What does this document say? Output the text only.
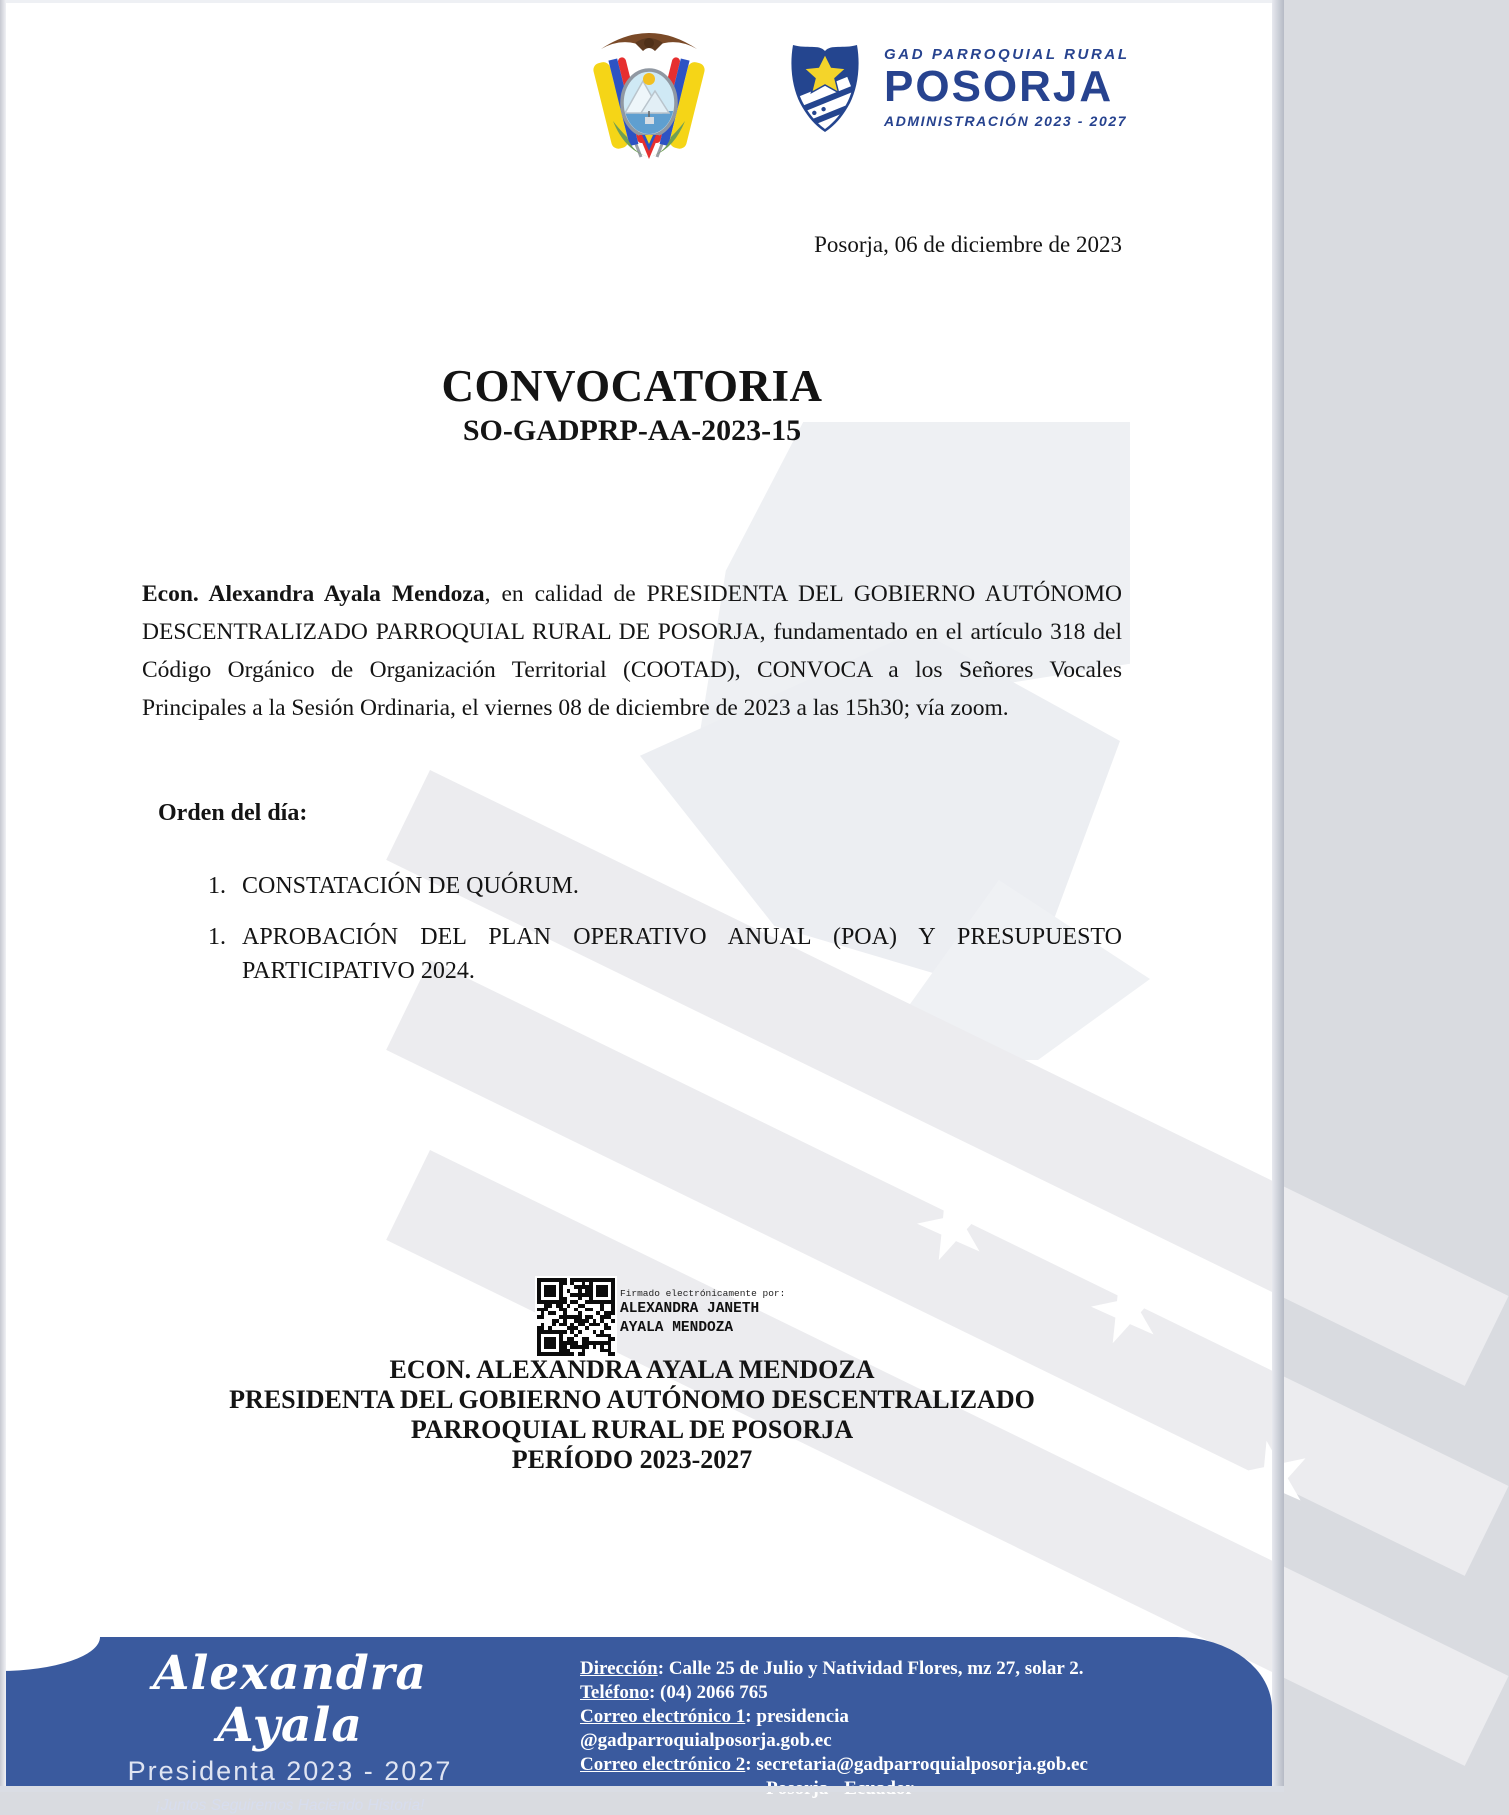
GAD PARROQUIAL RURAL
POSORJA
ADMINISTRACIÓN 2023 - 2027
Posorja, 06 de diciembre de 2023
CONVOCATORIA
SO-GADPRP-AA-2023-15

Econ. Alexandra Ayala Mendoza, en calidad de PRESIDENTA DEL GOBIERNO AUTÓNOMO DESCENTRALIZADO PARROQUIAL RURAL DE POSORJA, fundamentado en el artículo 318 del Código Orgánico de Organización Territorial (COOTAD), CONVOCA a los Señores Vocales Principales a la Sesión Ordinaria, el viernes 08 de diciembre de 2023 a las 15h30; vía zoom.

Orden del día:
1. CONSTATACIÓN DE QUÓRUM.
1. APROBACIÓN DEL PLAN OPERATIVO ANUAL (POA) Y PRESUPUESTO PARTICIPATIVO 2024.
Firmado electrónicamente por:
ALEXANDRA JANETH
AYALA MENDOZA
ECON. ALEXANDRA AYALA MENDOZA
PRESIDENTA DEL GOBIERNO AUTÓNOMO DESCENTRALIZADO
PARROQUIAL RURAL DE POSORJA
PERÍODO 2023-2027
Alexandra Ayala
Presidenta 2023 - 2027
¡Juntos Seguiremos Haciendo Historia!
Dirección: Calle 25 de Julio y Natividad Flores, mz 27, solar 2.
Teléfono: (04) 2066 765
Correo electrónico 1: presidencia @gadparroquialposorja.gob.ec
Correo electrónico 2: secretaria@gadparroquialposorja.gob.ec
